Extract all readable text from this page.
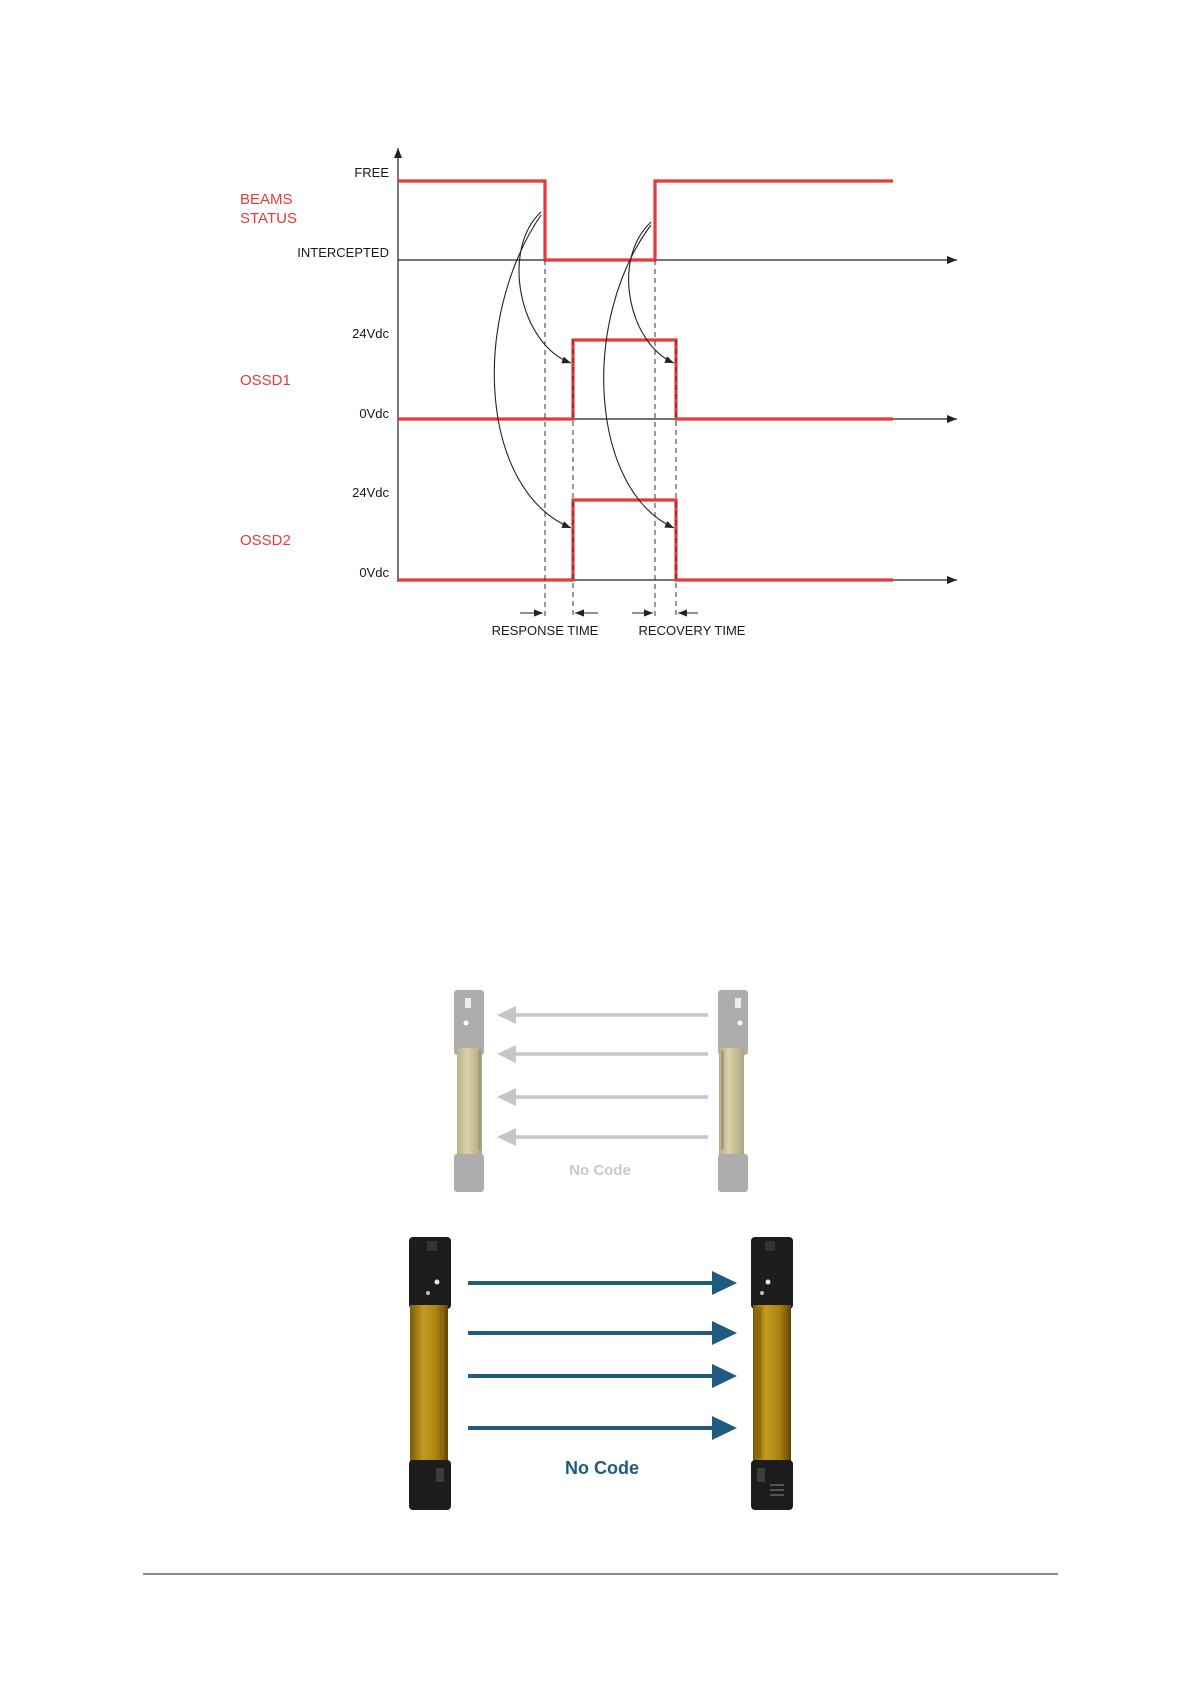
BEAMS
STATUS
OSSD1
OSSD2
FREE
INTERCEPTED
24Vdc
0Vdc
24Vdc
0Vdc
RESPONSE TIME	RECOVERY TIME
No Code
No Code
